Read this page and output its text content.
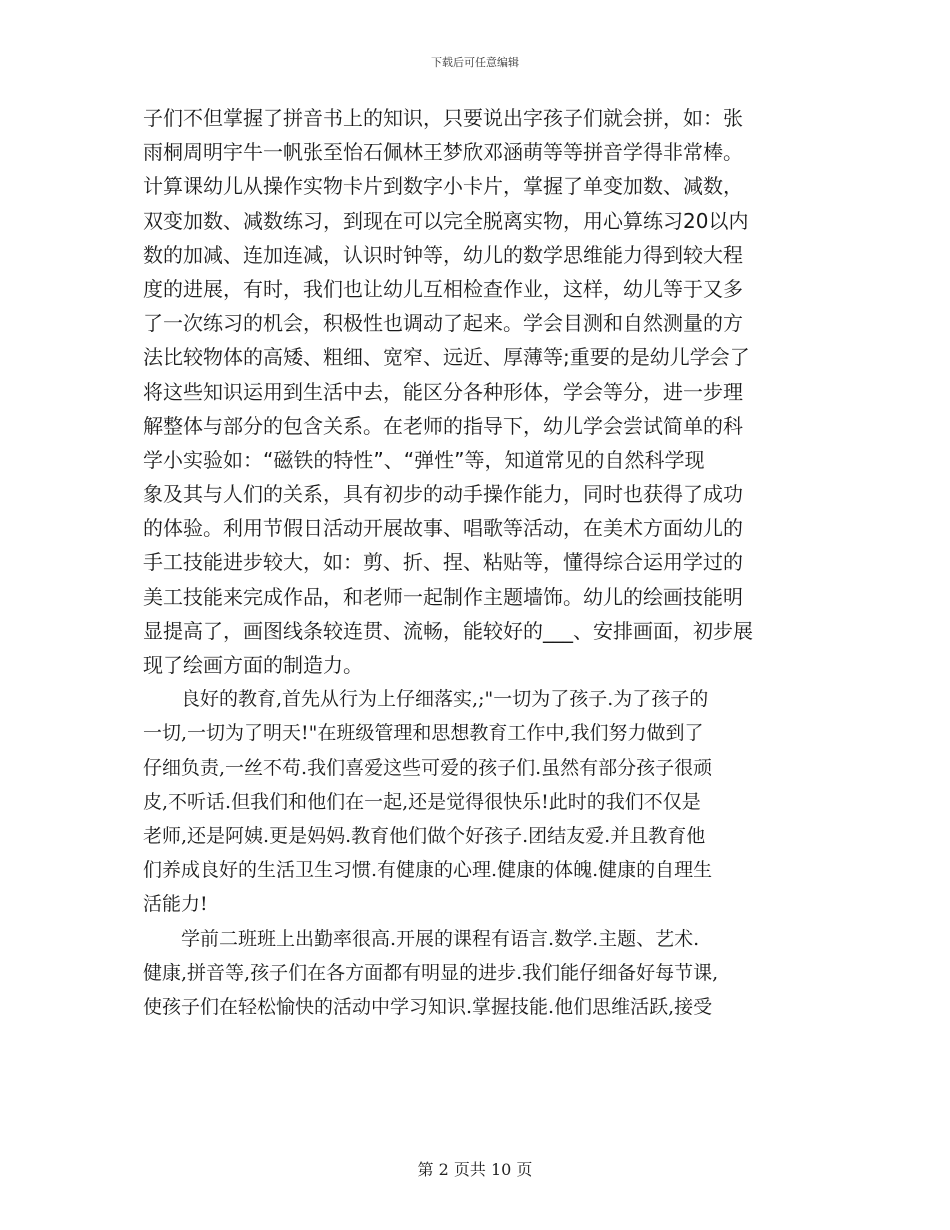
下载后可任意编辑
子们不但掌握了拼音书上的知识，只要说出字孩子们就会拼，如：张
雨桐周明宇牛一帆张至怡石佩林王梦欣邓涵萌等等拼音学得非常棒。
计算课幼儿从操作实物卡片到数字小卡片，掌握了单变加数、减数，
双变加数、减数练习，到现在可以完全脱离实物，用心算练习20以内
数的加减、连加连减，认识时钟等，幼儿的数学思维能力得到较大程
度的进展，有时，我们也让幼儿互相检查作业，这样，幼儿等于又多
了一次练习的机会，积极性也调动了起来。学会目测和自然测量的方
法比较物体的高矮、粗细、宽窄、远近、厚薄等;重要的是幼儿学会了
将这些知识运用到生活中去，能区分各种形体，学会等分，进一步理
解整体与部分的包含关系。在老师的指导下，幼儿学会尝试简单的科
学小实验如：“磁铁的特性”、“弹性”等，知道常见的自然科学现
象及其与人们的关系，具有初步的动手操作能力，同时也获得了成功
的体验。利用节假日活动开展故事、唱歌等活动，在美术方面幼儿的
手工技能进步较大，如：剪、折、捏、粘贴等，懂得综合运用学过的
美工技能来完成作品，和老师一起制作主题墙饰。幼儿的绘画技能明
显提高了，画图线条较连贯、流畅，能较好的___、安排画面，初步展
现了绘画方面的制造力。
　　良好的教育,首先从行为上仔细落实,;"一切为了孩子.为了孩子的
一切,一切为了明天!"在班级管理和思想教育工作中,我们努力做到了
仔细负责,一丝不苟.我们喜爱这些可爱的孩子们.虽然有部分孩子很顽
皮,不听话.但我们和他们在一起,还是觉得很快乐!此时的我们不仅是
老师,还是阿姨.更是妈妈.教育他们做个好孩子.团结友爱.并且教育他
们养成良好的生活卫生习惯.有健康的心理.健康的体魄.健康的自理生
活能力!
　　学前二班班上出勤率很高.开展的课程有语言.数学.主题、艺术.
健康,拼音等,孩子们在各方面都有明显的进步.我们能仔细备好每节课,
使孩子们在轻松愉快的活动中学习知识.掌握技能.他们思维活跃,接受
第 2 页共 10 页
